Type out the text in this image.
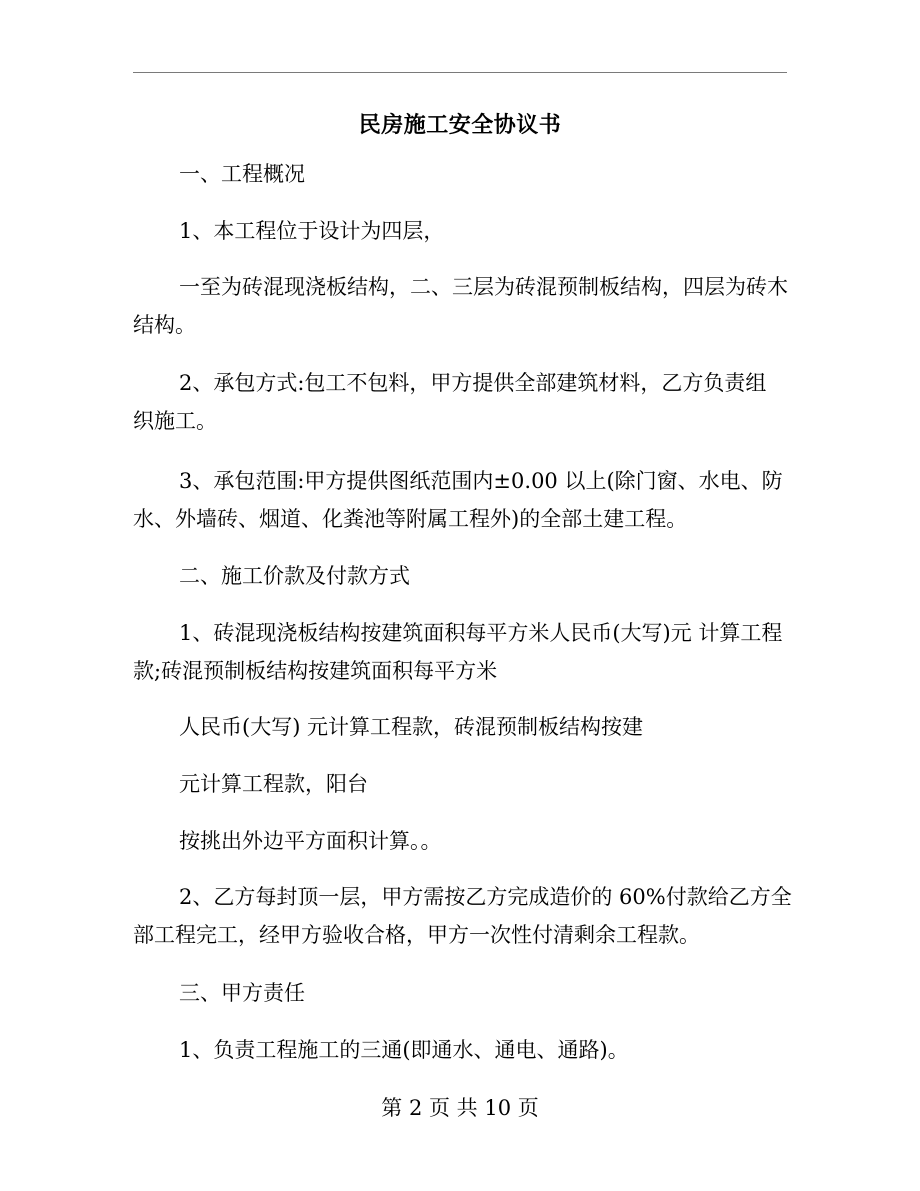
民房施工安全协议书
一、工程概况
1、本工程位于设计为四层，
一至为砖混现浇板结构，二、三层为砖混预制板结构，四层为砖木
结构。
2、承包方式:包工不包料，甲方提供全部建筑材料，乙方负责组
织施工。
3、承包范围:甲方提供图纸范围内±0.00 以上(除门窗、水电、防
水、外墙砖、烟道、化粪池等附属工程外)的全部土建工程。
二、施工价款及付款方式
1、砖混现浇板结构按建筑面积每平方米人民币(大写)元 计算工程
款;砖混预制板结构按建筑面积每平方米
人民币(大写) 元计算工程款，砖混预制板结构按建
元计算工程款，阳台
按挑出外边平方面积计算。。
2、乙方每封顶一层，甲方需按乙方完成造价的 60%付款给乙方全
部工程完工，经甲方验收合格，甲方一次性付清剩余工程款。
三、甲方责任
1、负责工程施工的三通(即通水、通电、通路)。
第 2 页 共 10 页
